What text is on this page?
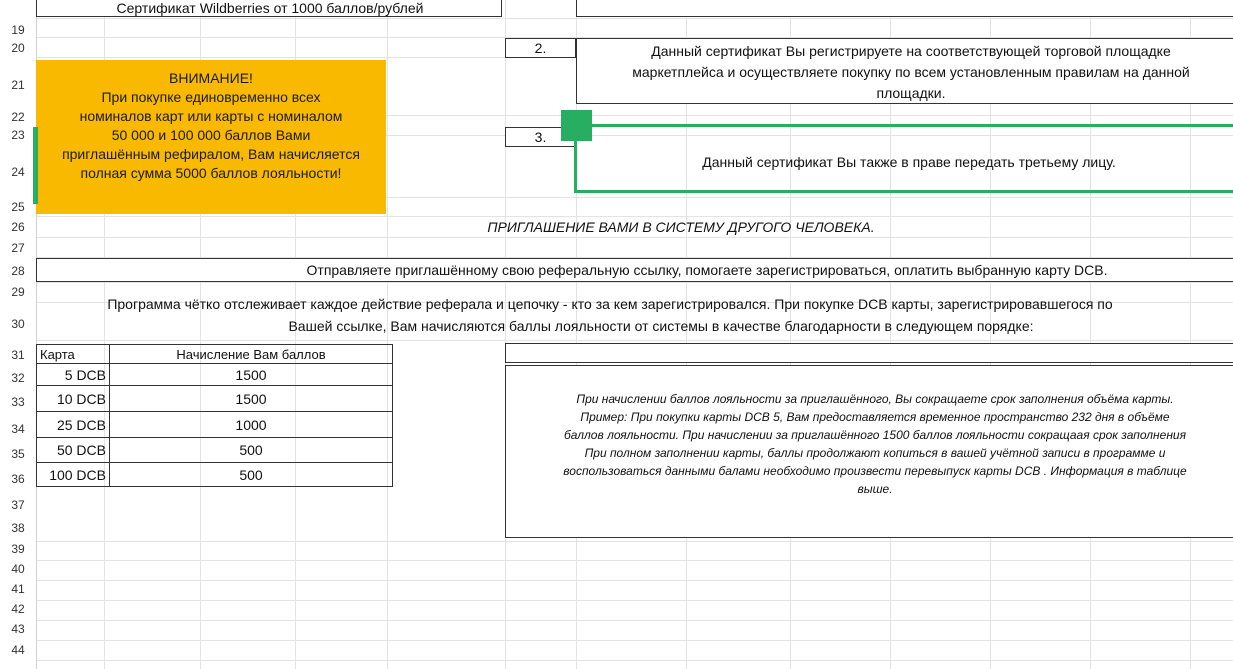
19
20
21
22
23
24
25
26
27
28
29
30
31
32
33
34
35
36
37
38
39
40
41
42
43
44
Сертификат Wildberries от 1000 баллов/рублей
ВНИМАНИЕ!
При покупке единовременно всех
номиналов карт или карты с номиналом
50 000 и 100 000 баллов Вами
приглашённым рефиралом, Вам начисляется
полная сумма 5000 баллов лояльности!
2.	Данный сертификат Вы регистрируете на соответствующей торговой площадке
маркетплейса и осуществляете покупку по всем установленным правилам на данной
площадки.
3.
Данный сертификат Вы также в праве передать третьему лицу.
ПРИГЛАШЕНИЕ ВАМИ В СИСТЕМУ ДРУГОГО ЧЕЛОВЕКА.
Отправляете приглашённому свою реферальную ссылку, помогаете зарегистрироваться, оплатить выбранную карту DCB.
Программа чётко отслеживает каждое действие реферала и цепочку - кто за кем зарегистрировался. При покупке DCB карты, зарегистрировавшегося по
Вашей ссылке, Вам начисляются баллы лояльности от системы в качестве благодарности в следующем порядке:
Карта	Начисление Вам баллов
5 DCB	1500
10 DCB	1500
25 DCB	1000
50 DCB	500
100 DCB	500
При начислении баллов лояльности за приглашённого, Вы сокращаете срок заполнения объёма карты.
Пример: При покупки карты DCB 5, Вам предоставляется временное пространство 232 дня в объёме
баллов лояльности. При начислении за приглашённого 1500 баллов лояльности сокращаая срок заполнения
При полном заполнении карты, баллы продолжают копиться в вашей учётной записи в программе и
воспользоваться данными балами необходимо произвести перевыпуск карты DCB . Информация в таблице
выше.
